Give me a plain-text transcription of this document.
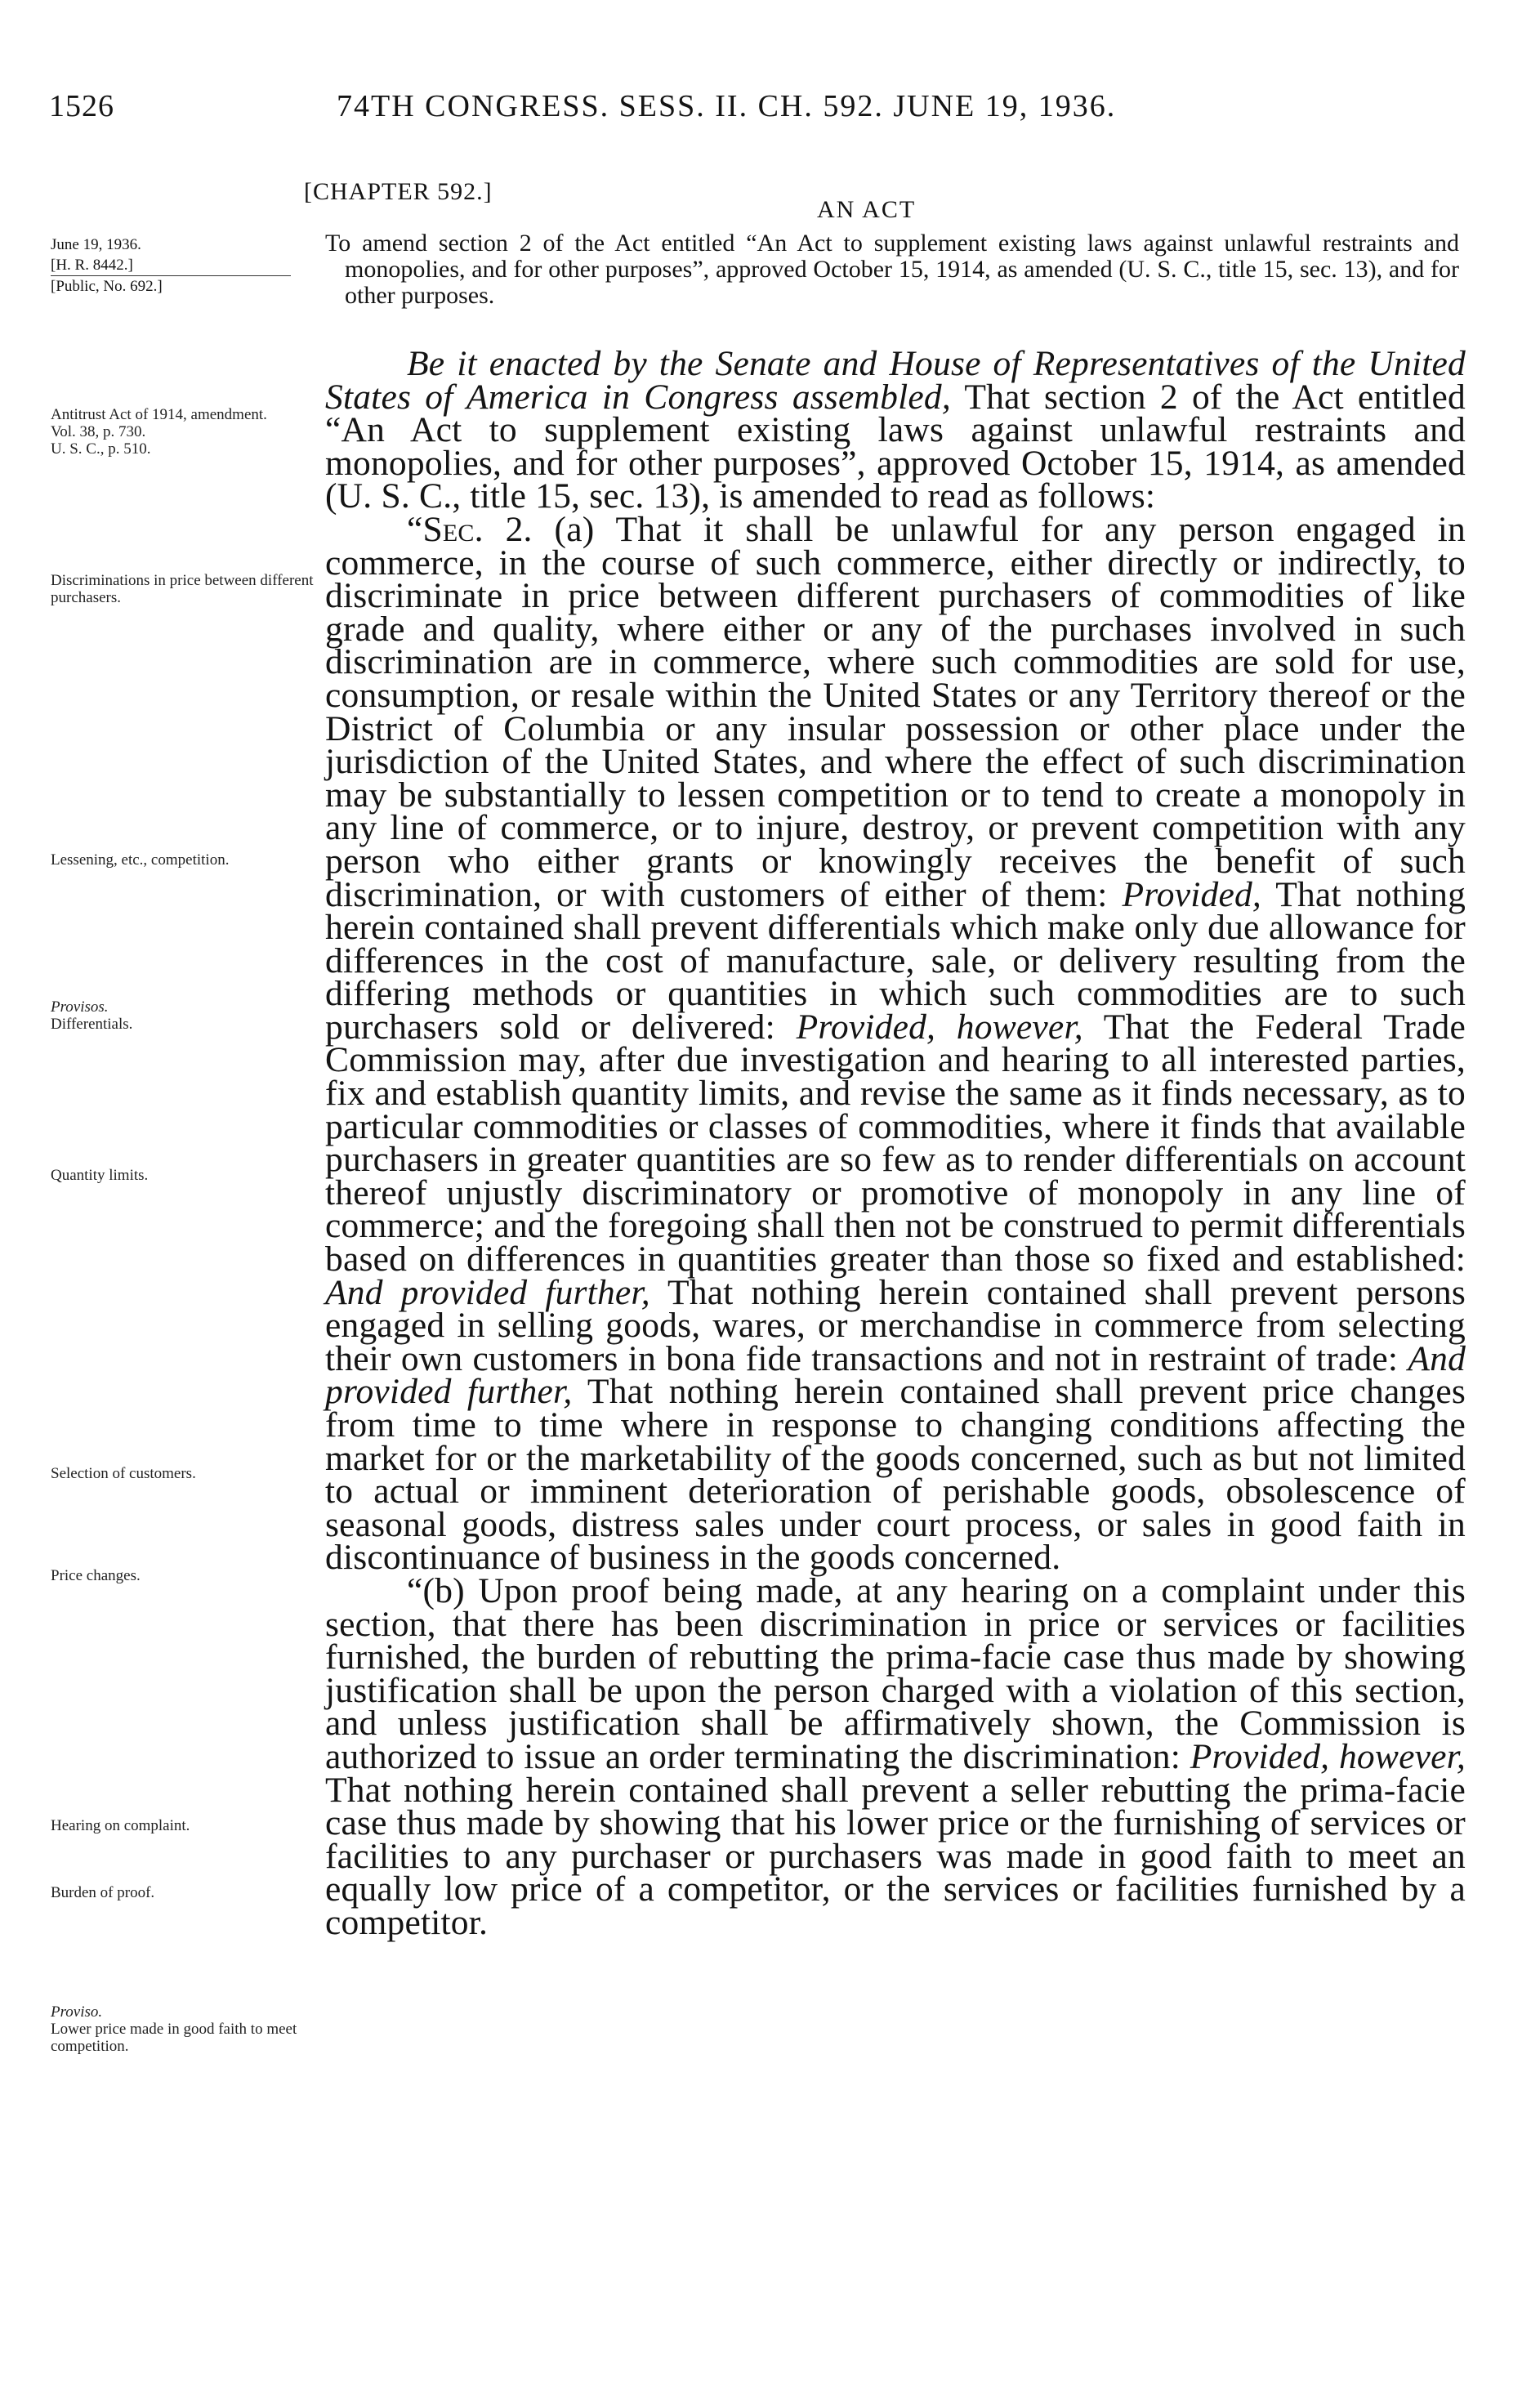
1526	74TH CONGRESS. SESS. II. CH. 592. JUNE 19, 1936.
[CHAPTER 592.]
AN ACT
June 19, 1936.
[H. R. 8442.]
[Public, No. 692.]
To amend section 2 of the Act entitled “An Act to supplement existing laws against unlawful restraints and monopolies, and for other purposes”, approved October 15, 1914, as amended (U. S. C., title 15, sec. 13), and for other purposes.
Antitrust Act of 1914, amendment.
Vol. 38, p. 730.
U. S. C., p. 510.
Discriminations in price between different purchasers.
Lessening, etc., competition.
Provisos.
Differentials.
Quantity limits.
Selection of customers.
Price changes.
Hearing on complaint.
Burden of proof.
Proviso.
Lower price made in good faith to meet competition.

Be it enacted by the Senate and House of Representatives of the United States of America in Congress assembled, That section 2 of the Act entitled “An Act to supplement existing laws against unlawful restraints and monopolies, and for other purposes”, approved October 15, 1914, as amended (U. S. C., title 15, sec. 13), is amended to read as follows:

“Sec. 2. (a) That it shall be unlawful for any person engaged in commerce, in the course of such commerce, either directly or indirectly, to discriminate in price between different purchasers of commodities of like grade and quality, where either or any of the purchases involved in such discrimination are in commerce, where such commodities are sold for use, consumption, or resale within the United States or any Territory thereof or the District of Columbia or any insular possession or other place under the jurisdiction of the United States, and where the effect of such discrimination may be substantially to lessen competition or to tend to create a monopoly in any line of commerce, or to injure, destroy, or prevent competition with any person who either grants or knowingly receives the benefit of such discrimination, or with customers of either of them: Provided, That nothing herein contained shall prevent differentials which make only due allowance for differences in the cost of manufacture, sale, or delivery resulting from the differing methods or quantities in which such commodities are to such purchasers sold or delivered: Provided, however, That the Federal Trade Commission may, after due investigation and hearing to all interested parties, fix and establish quantity limits, and revise the same as it finds necessary, as to particular commodities or classes of commodities, where it finds that available purchasers in greater quantities are so few as to render differentials on account thereof unjustly discriminatory or promotive of monopoly in any line of commerce; and the foregoing shall then not be construed to permit differentials based on differences in quantities greater than those so fixed and established: And provided further, That nothing herein contained shall prevent persons engaged in selling goods, wares, or merchandise in commerce from selecting their own customers in bona fide transactions and not in restraint of trade: And provided further, That nothing herein contained shall prevent price changes from time to time where in response to changing conditions affecting the market for or the marketability of the goods concerned, such as but not limited to actual or imminent deterioration of perishable goods, obsolescence of seasonal goods, distress sales under court process, or sales in good faith in discontinuance of business in the goods concerned.

“(b) Upon proof being made, at any hearing on a complaint under this section, that there has been discrimination in price or services or facilities furnished, the burden of rebutting the prima-facie case thus made by showing justification shall be upon the person charged with a violation of this section, and unless justification shall be affirmatively shown, the Commission is authorized to issue an order terminating the discrimination: Provided, however, That nothing herein contained shall prevent a seller rebutting the prima-facie case thus made by showing that his lower price or the furnishing of services or facilities to any purchaser or purchasers was made in good faith to meet an equally low price of a competitor, or the services or facilities furnished by a competitor.
